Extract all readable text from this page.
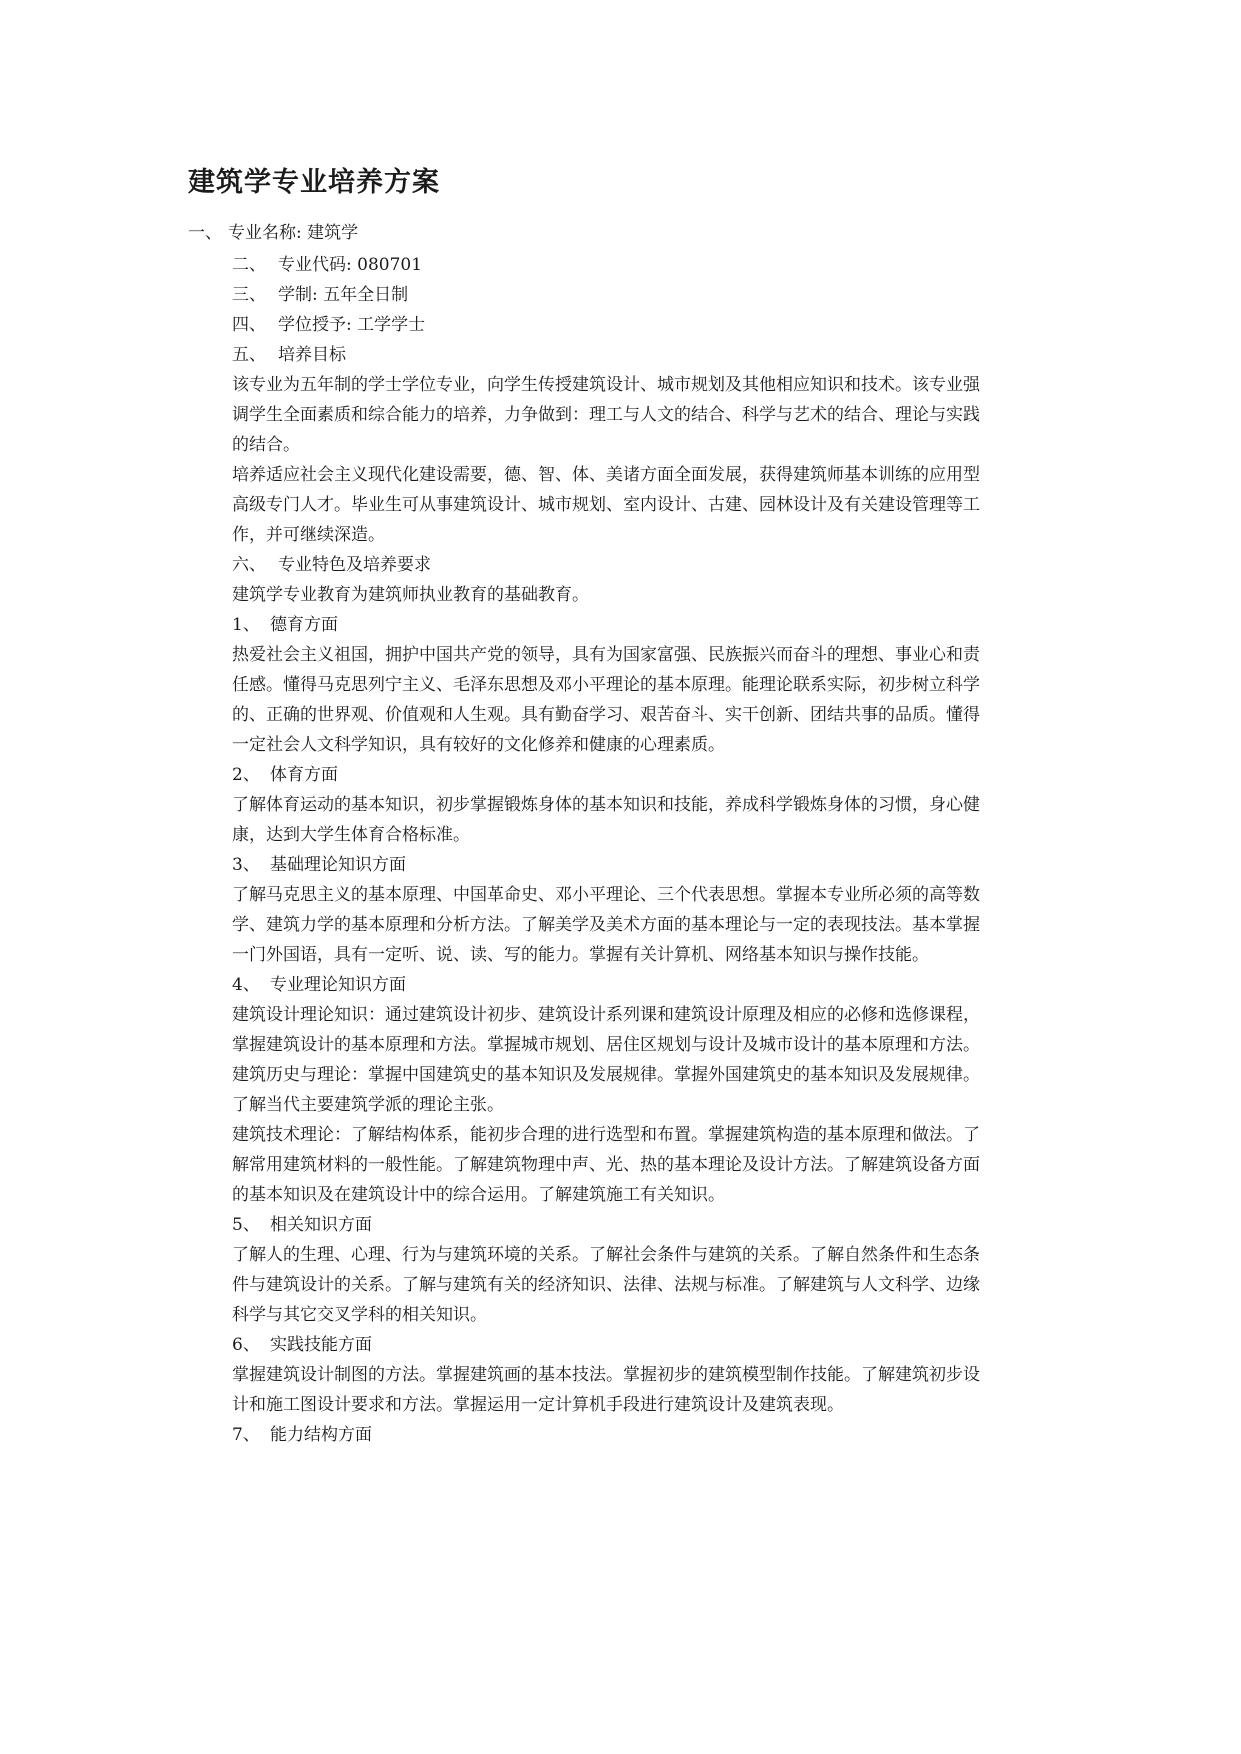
建筑学专业培养方案
一、 专业名称: 建筑学
二、 专业代码: 080701
三、 学制: 五年全日制
四、 学位授予: 工学学士
五、 培养目标
该专业为五年制的学士学位专业，向学生传授建筑设计、城市规划及其他相应知识和技术。该专业强
调学生全面素质和综合能力的培养，力争做到：理工与人文的结合、科学与艺术的结合、理论与实践
的结合。
培养适应社会主义现代化建设需要，德、智、体、美诸方面全面发展，获得建筑师基本训练的应用型
高级专门人才。毕业生可从事建筑设计、城市规划、室内设计、古建、园林设计及有关建设管理等工
作，并可继续深造。
六、 专业特色及培养要求
建筑学专业教育为建筑师执业教育的基础教育。
1、 德育方面
热爱社会主义祖国，拥护中国共产党的领导，具有为国家富强、民族振兴而奋斗的理想、事业心和责
任感。懂得马克思列宁主义、毛泽东思想及邓小平理论的基本原理。能理论联系实际，初步树立科学
的、正确的世界观、价值观和人生观。具有勤奋学习、艰苦奋斗、实干创新、团结共事的品质。懂得
一定社会人文科学知识，具有较好的文化修养和健康的心理素质。
2、 体育方面
了解体育运动的基本知识，初步掌握锻炼身体的基本知识和技能，养成科学锻炼身体的习惯，身心健
康，达到大学生体育合格标准。
3、 基础理论知识方面
了解马克思主义的基本原理、中国革命史、邓小平理论、三个代表思想。掌握本专业所必须的高等数
学、建筑力学的基本原理和分析方法。了解美学及美术方面的基本理论与一定的表现技法。基本掌握
一门外国语，具有一定听、说、读、写的能力。掌握有关计算机、网络基本知识与操作技能。
4、 专业理论知识方面
建筑设计理论知识：通过建筑设计初步、建筑设计系列课和建筑设计原理及相应的必修和选修课程，
掌握建筑设计的基本原理和方法。掌握城市规划、居住区规划与设计及城市设计的基本原理和方法。
建筑历史与理论：掌握中国建筑史的基本知识及发展规律。掌握外国建筑史的基本知识及发展规律。
了解当代主要建筑学派的理论主张。
建筑技术理论：了解结构体系，能初步合理的进行选型和布置。掌握建筑构造的基本原理和做法。了
解常用建筑材料的一般性能。了解建筑物理中声、光、热的基本理论及设计方法。了解建筑设备方面
的基本知识及在建筑设计中的综合运用。了解建筑施工有关知识。
5、 相关知识方面
了解人的生理、心理、行为与建筑环境的关系。了解社会条件与建筑的关系。了解自然条件和生态条
件与建筑设计的关系。了解与建筑有关的经济知识、法律、法规与标准。了解建筑与人文科学、边缘
科学与其它交叉学科的相关知识。
6、 实践技能方面
掌握建筑设计制图的方法。掌握建筑画的基本技法。掌握初步的建筑模型制作技能。了解建筑初步设
计和施工图设计要求和方法。掌握运用一定计算机手段进行建筑设计及建筑表现。
7、 能力结构方面
